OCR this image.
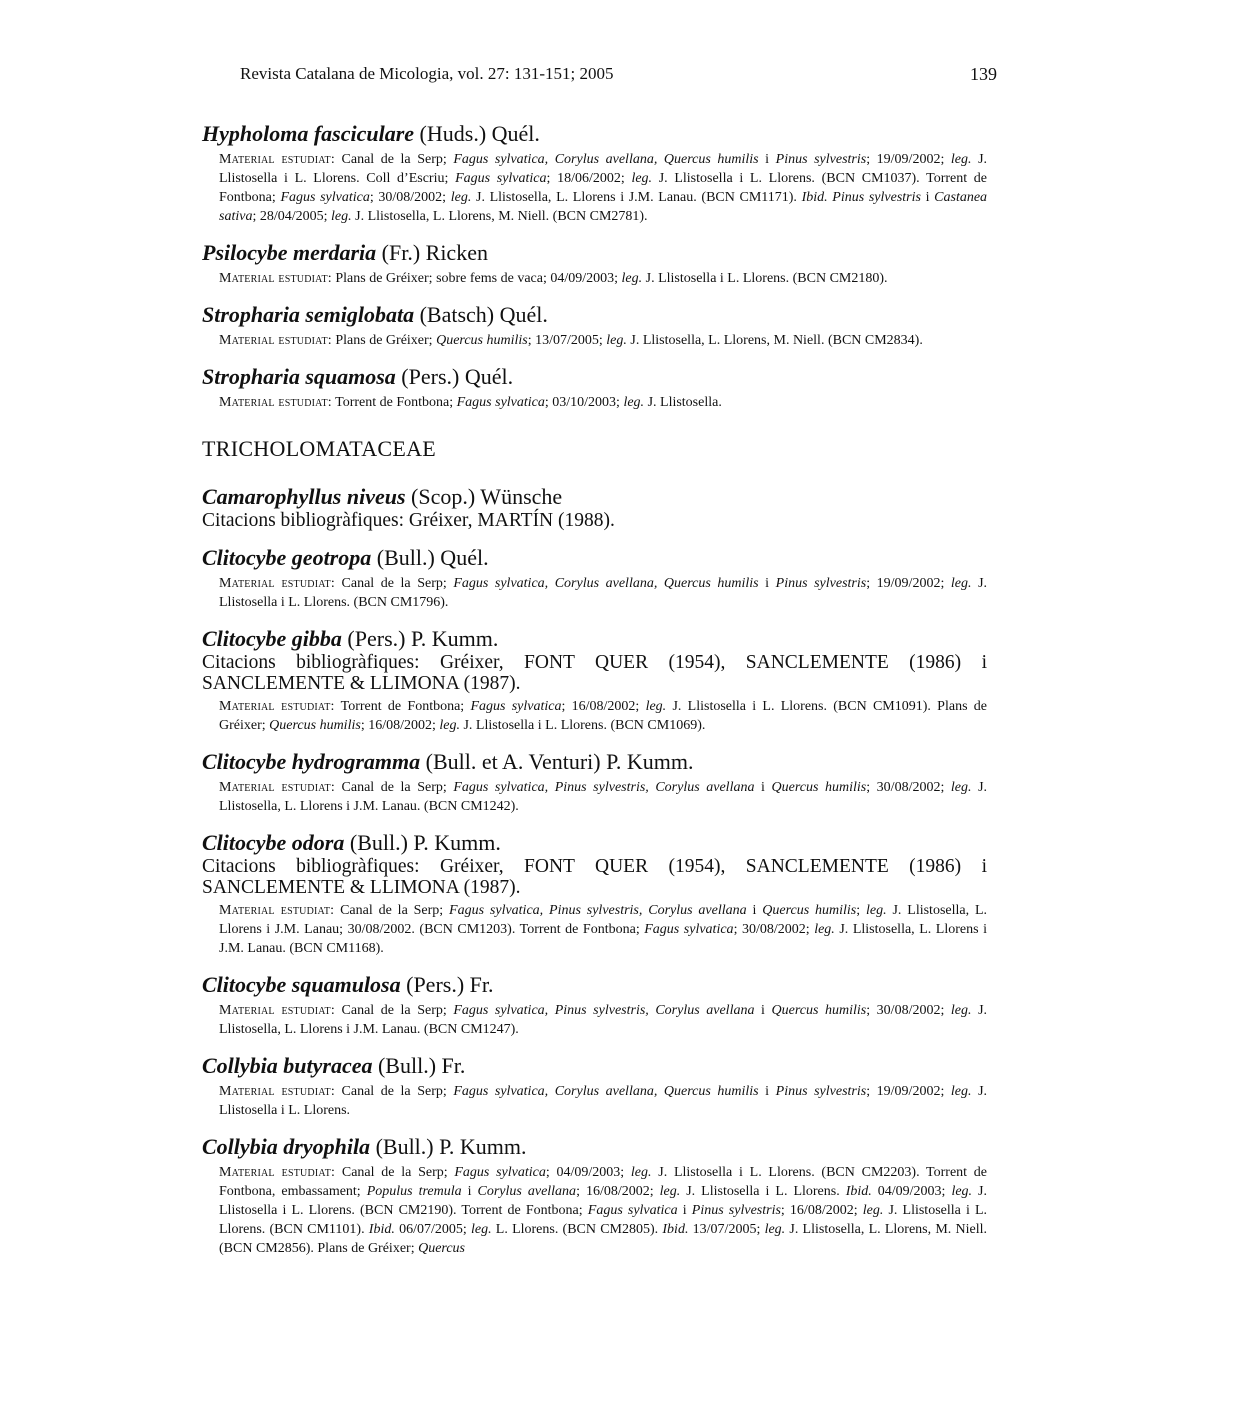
Revista Catalana de Micologia, vol. 27: 131-151; 2005	139

Hypholoma fasciculare (Huds.) Quél.

Material estudiat: Canal de la Serp; Fagus sylvatica, Corylus avellana, Quercus humilis i Pinus sylvestris; 19/09/2002; leg. J. Llistosella i L. Llorens. Coll d’Escriu; Fagus sylvatica; 18/06/2002; leg. J. Llistosella i L. Llorens. (BCN CM1037). Torrent de Fontbona; Fagus sylvatica; 30/08/2002; leg. J. Llistosella, L. Llorens i J.M. Lanau. (BCN CM1171). Ibid. Pinus sylvestris i Castanea sativa; 28/04/2005; leg. J. Llistosella, L. Llorens, M. Niell. (BCN CM2781).

Psilocybe merdaria (Fr.) Ricken

Material estudiat: Plans de Gréixer; sobre fems de vaca; 04/09/2003; leg. J. Llistosella i L. Llorens. (BCN CM2180).

Stropharia semiglobata (Batsch) Quél.

Material estudiat: Plans de Gréixer; Quercus humilis; 13/07/2005; leg. J. Llistosella, L. Llorens, M. Niell. (BCN CM2834).

Stropharia squamosa (Pers.) Quél.

Material estudiat: Torrent de Fontbona; Fagus sylvatica; 03/10/2003; leg. J. Llistosella.

TRICHOLOMATACEAE

Camarophyllus niveus (Scop.) Wünsche

Citacions bibliogràfiques: Gréixer, MARTÍN (1988).

Clitocybe geotropa (Bull.) Quél.

Material estudiat: Canal de la Serp; Fagus sylvatica, Corylus avellana, Quercus humilis i Pinus sylvestris; 19/09/2002; leg. J. Llistosella i L. Llorens. (BCN CM1796).

Clitocybe gibba (Pers.) P. Kumm.

Citacions bibliogràfiques: Gréixer, FONT QUER (1954), SANCLEMENTE (1986) i SANCLEMENTE & LLIMONA (1987).

Material estudiat: Torrent de Fontbona; Fagus sylvatica; 16/08/2002; leg. J. Llistosella i L. Llorens. (BCN CM1091). Plans de Gréixer; Quercus humilis; 16/08/2002; leg. J. Llistosella i L. Llorens. (BCN CM1069).

Clitocybe hydrogramma (Bull. et A. Venturi) P. Kumm.

Material estudiat: Canal de la Serp; Fagus sylvatica, Pinus sylvestris, Corylus avellana i Quercus humilis; 30/08/2002; leg. J. Llistosella, L. Llorens i J.M. Lanau. (BCN CM1242).

Clitocybe odora (Bull.) P. Kumm.

Citacions bibliogràfiques: Gréixer, FONT QUER (1954), SANCLEMENTE (1986) i SANCLEMENTE & LLIMONA (1987).

Material estudiat: Canal de la Serp; Fagus sylvatica, Pinus sylvestris, Corylus avellana i Quercus humilis; leg. J. Llistosella, L. Llorens i J.M. Lanau; 30/08/2002. (BCN CM1203). Torrent de Fontbona; Fagus sylvatica; 30/08/2002; leg. J. Llistosella, L. Llorens i J.M. Lanau. (BCN CM1168).

Clitocybe squamulosa (Pers.) Fr.

Material estudiat: Canal de la Serp; Fagus sylvatica, Pinus sylvestris, Corylus avellana i Quercus humilis; 30/08/2002; leg. J. Llistosella, L. Llorens i J.M. Lanau. (BCN CM1247).

Collybia butyracea (Bull.) Fr.

Material estudiat: Canal de la Serp; Fagus sylvatica, Corylus avellana, Quercus humilis i Pinus sylvestris; 19/09/2002; leg. J. Llistosella i L. Llorens.

Collybia dryophila (Bull.) P. Kumm.

Material estudiat: Canal de la Serp; Fagus sylvatica; 04/09/2003; leg. J. Llistosella i L. Llorens. (BCN CM2203). Torrent de Fontbona, embassament; Populus tremula i Corylus avellana; 16/08/2002; leg. J. Llistosella i L. Llorens. Ibid. 04/09/2003; leg. J. Llistosella i L. Llorens. (BCN CM2190). Torrent de Fontbona; Fagus sylvatica i Pinus sylvestris; 16/08/2002; leg. J. Llistosella i L. Llorens. (BCN CM1101). Ibid. 06/07/2005; leg. L. Llorens. (BCN CM2805). Ibid. 13/07/2005; leg. J. Llistosella, L. Llorens, M. Niell. (BCN CM2856). Plans de Gréixer; Quercus
